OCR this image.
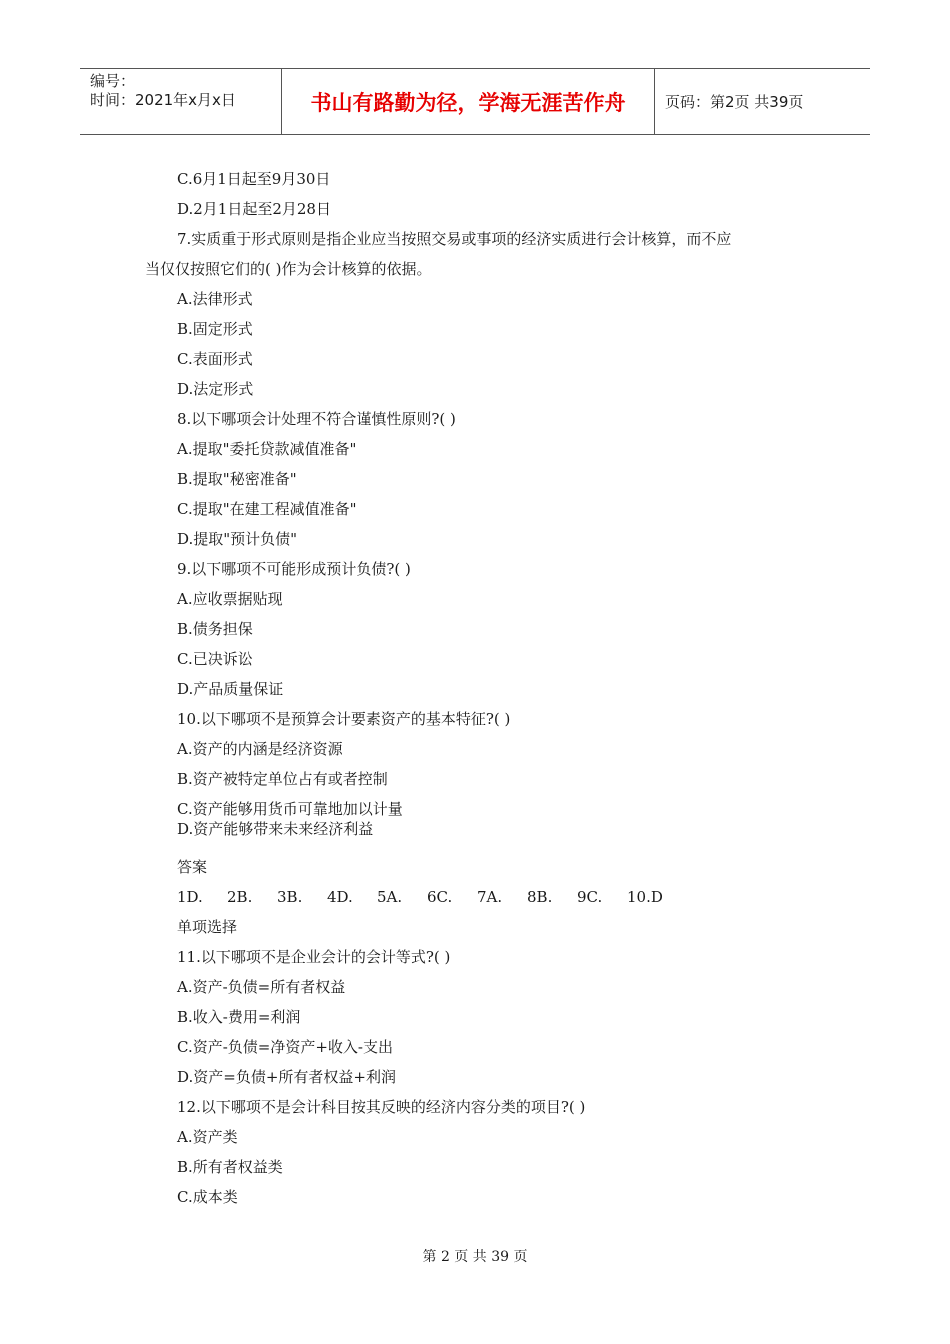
编号：
时间：2021年x月x日	书山有路勤为径，学海无涯苦作舟	页码：第2页 共39页
C.6月1日起至9月30日
D.2月1日起至2月28日
7.实质重于形式原则是指企业应当按照交易或事项的经济实质进行会计核算，而不应
当仅仅按照它们的( )作为会计核算的依据。
A.法律形式
B.固定形式
C.表面形式
D.法定形式
8.以下哪项会计处理不符合谨慎性原则?( )
A.提取"委托贷款减值准备"
B.提取"秘密准备"
C.提取"在建工程减值准备"
D.提取"预计负债"
9.以下哪项不可能形成预计负债?( )
A.应收票据贴现
B.债务担保
C.已决诉讼
D.产品质量保证
10.以下哪项不是预算会计要素资产的基本特征?( )
A.资产的内涵是经济资源
B.资产被特定单位占有或者控制
C.资产能够用货币可靠地加以计量
D.资产能够带来未来经济利益
答案
1D.	2B.	3B.	4D.	5A.	6C.	7A.	8B.	9C.	10.D
单项选择
11.以下哪项不是企业会计的会计等式?( )
A.资产-负债=所有者权益
B.收入-费用=利润
C.资产-负债=净资产+收入-支出
D.资产=负债+所有者权益+利润
12.以下哪项不是会计科目按其反映的经济内容分类的项目?( )
A.资产类
B.所有者权益类
C.成本类
第 2 页 共 39 页
